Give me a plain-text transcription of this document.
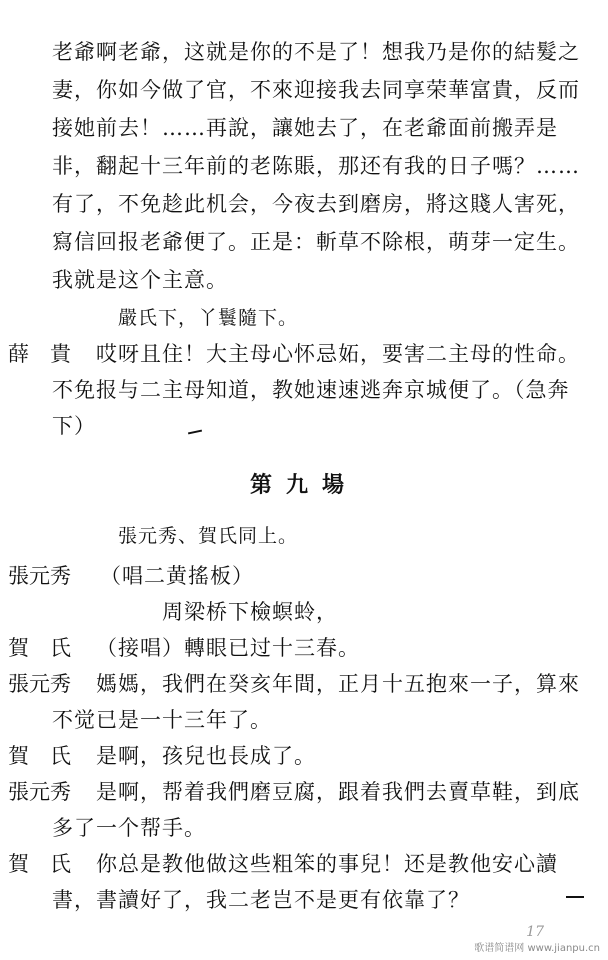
老爺啊老爺，这就是你的不是了！想我乃是你的結髮之
妻，你如今做了官，不來迎接我去同享荣華富貴，反而
接她前去！……再說，讓她去了，在老爺面前搬弄是
非，翻起十三年前的老陈賬，那还有我的日子嗎？……
有了，不免趁此机会，今夜去到磨房，將这賤人害死，
寫信回报老爺便了。正是：斬草不除根，萌芽一定生。
我就是这个主意。
嚴氏下，丫鬟隨下。
薛　貴 哎呀且住！大主母心怀忌妬，要害二主母的性命。
不免报与二主母知道，教她速速逃奔京城便了。（急奔
下）
第九場
張元秀、賀氏同上。
張元秀 （唱二黄搖板）
周梁桥下檢螟蛉，
賀　氏 （接唱）轉眼已过十三春。
張元秀 媽媽，我們在癸亥年間，正月十五抱來一子，算來
不觉已是一十三年了。
賀　氏 是啊，孩兒也長成了。
張元秀 是啊，帮着我們磨豆腐，跟着我們去賣草鞋，到底
多了一个帮手。
賀　氏 你总是教他做这些粗笨的事兒！还是教他安心讀
書，書讀好了，我二老岂不是更有依靠了？
17
歌谱简谱网 www.jianpu.cn
